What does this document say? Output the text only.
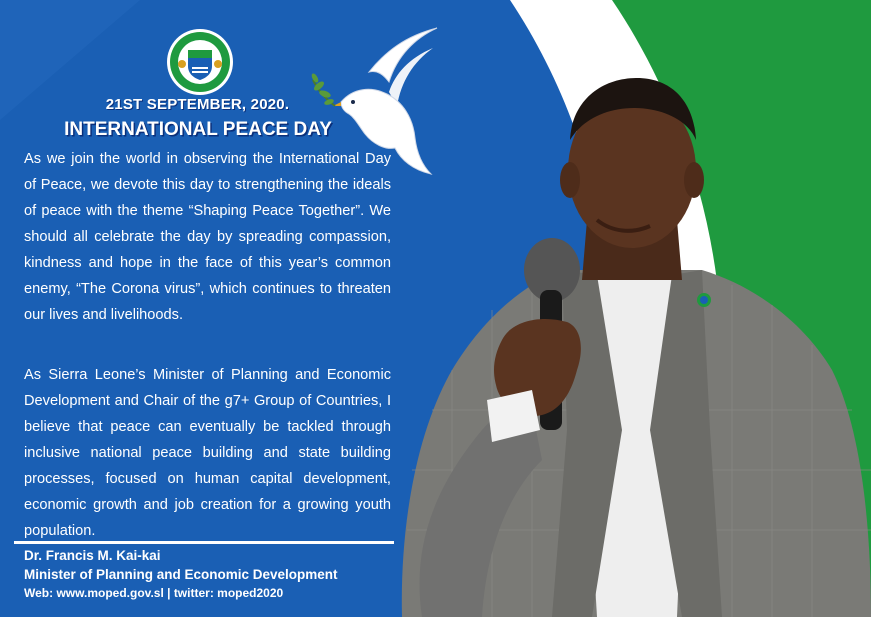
21ST SEPTEMBER, 2020.
INTERNATIONAL PEACE DAY

As we join the world in observing the International Day of Peace, we devote this day to strengthening the ideals of peace with the theme “Shaping Peace Together”. We should all celebrate the day by spreading compassion, kindness and hope in the face of this year’s common enemy, “The Corona virus”, which continues to threaten our lives and livelihoods.

As Sierra Leone’s Minister of Planning and Economic Development and Chair of the g7+ Group of Countries, I believe that peace can eventually be tackled through inclusive national peace building and state building processes, focused on human capital development, economic growth and job creation for a growing youth population.

Dr. Francis M. Kai-kai
Minister of Planning and Economic Development
Web: www.moped.gov.sl | twitter: moped2020
